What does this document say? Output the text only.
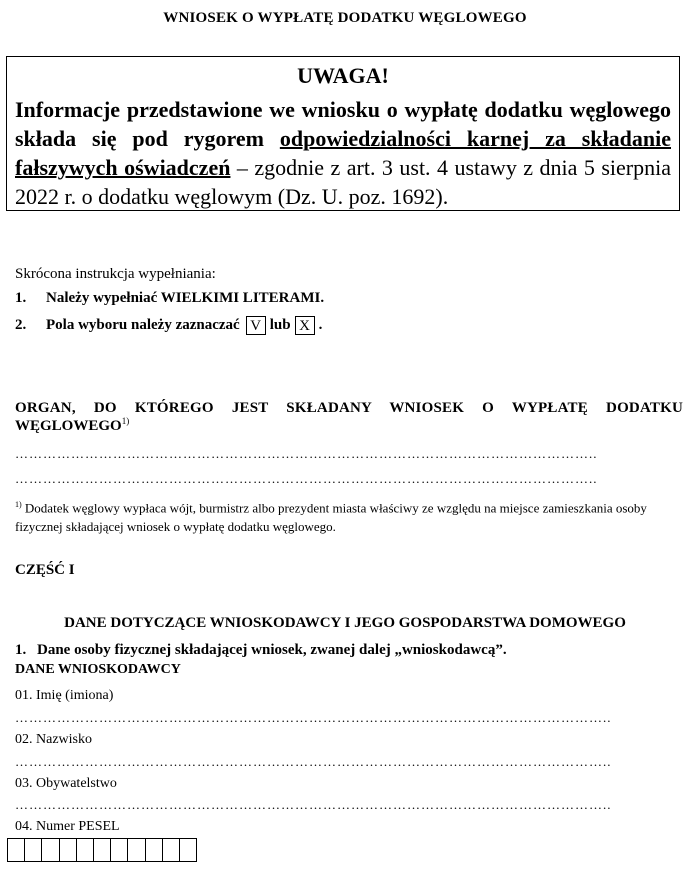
WNIOSEK O WYPŁATĘ DODATKU WĘGLOWEGO
UWAGA!
Informacje przedstawione we wniosku o wypłatę dodatku węglowego składa się pod rygorem odpowiedzialności karnej za składanie fałszywych oświadczeń – zgodnie z art. 3 ust. 4 ustawy z dnia 5 sierpnia 2022 r. o dodatku węglowym (Dz. U. poz. 1692).
Skrócona instrukcja wypełniania:
1.	Należy wypełniać WIELKIMI LITERAMI.
2.	Pola wyboru należy zaznaczać V lub X .
ORGAN, DO KTÓREGO JEST SKŁADANY WNIOSEK O WYPŁATĘ DODATKU
WĘGLOWEGO$^{1)}$
……………………………………………………………………………………………………………..
……………………………………………………………………………………………………………..
$^{1)}$ Dodatek węglowy wypłaca wójt, burmistrz albo prezydent miasta właściwy ze względu na miejsce zamieszkania osoby fizycznej składającej wniosek o wypłatę dodatku węglowego.
CZĘŚĆ I
DANE DOTYCZĄCE WNIOSKODAWCY I JEGO GOSPODARSTWA DOMOWEGO
1. Dane osoby fizycznej składającej wniosek, zwanej dalej „wnioskodawcą”.
DANE WNIOSKODAWCY
01. Imię (imiona)
………………………………………………………………………………………………………………..
02. Nazwisko
………………………………………………………………………………………………………………..
03. Obywatelstwo
………………………………………………………………………………………………………………..
04. Numer PESEL
